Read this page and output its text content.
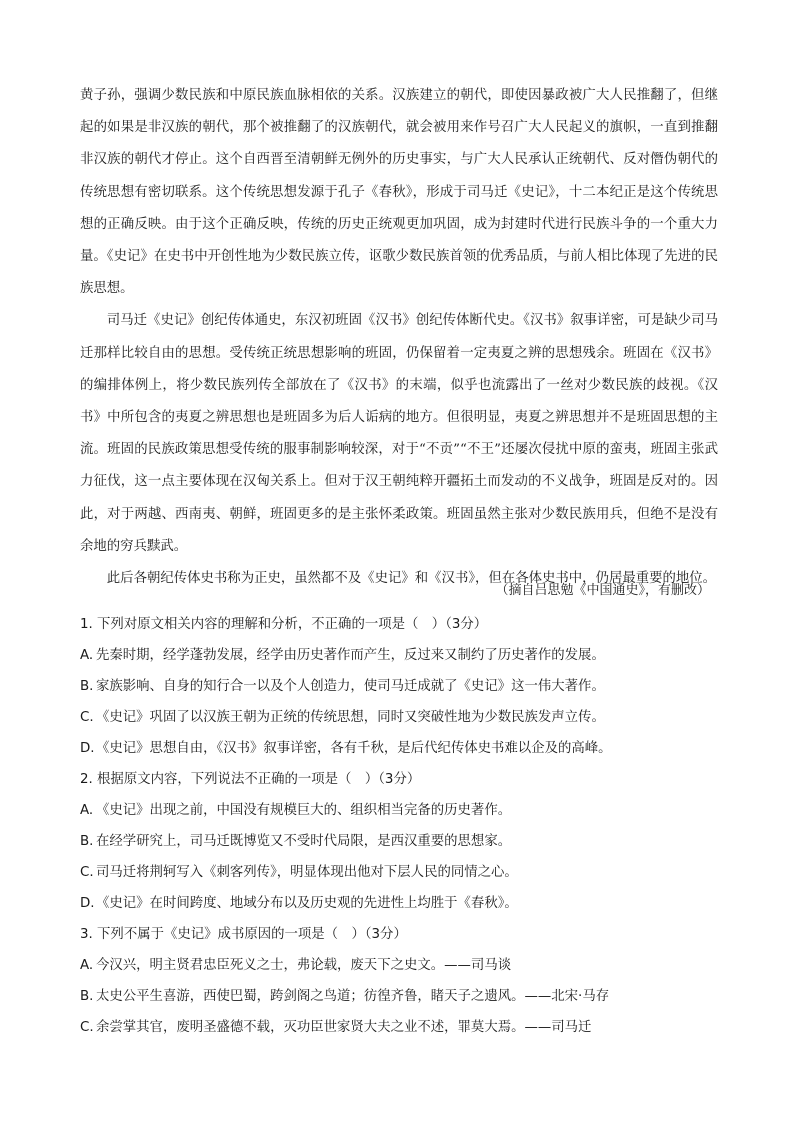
黄子孙，强调少数民族和中原民族血脉相依的关系。汉族建立的朝代，即使因暴政被广大人民推翻了，但继起的如果是非汉族的朝代，那个被推翻了的汉族朝代，就会被用来作号召广大人民起义的旗帜，一直到推翻非汉族的朝代才停止。这个自西晋至清朝鲜无例外的历史事实，与广大人民承认正统朝代、反对僭伪朝代的传统思想有密切联系。这个传统思想发源于孔子《春秋》，形成于司马迁《史记》，十二本纪正是这个传统思想的正确反映。由于这个正确反映，传统的历史正统观更加巩固，成为封建时代进行民族斗争的一个重大力量。《史记》在史书中开创性地为少数民族立传，讴歌少数民族首领的优秀品质，与前人相比体现了先进的民族思想。

司马迁《史记》创纪传体通史，东汉初班固《汉书》创纪传体断代史。《汉书》叙事详密，可是缺少司马迁那样比较自由的思想。受传统正统思想影响的班固，仍保留着一定夷夏之辨的思想残余。班固在《汉书》的编排体例上，将少数民族列传全部放在了《汉书》的末端，似乎也流露出了一丝对少数民族的歧视。《汉书》中所包含的夷夏之辨思想也是班固多为后人诟病的地方。但很明显，夷夏之辨思想并不是班固思想的主流。班固的民族政策思想受传统的服事制影响较深，对于“不贡”“不王”还屡次侵扰中原的蛮夷，班固主张武力征伐，这一点主要体现在汉匈关系上。但对于汉王朝纯粹开疆拓土而发动的不义战争，班固是反对的。因此，对于两越、西南夷、朝鲜，班固更多的是主张怀柔政策。班固虽然主张对少数民族用兵，但绝不是没有余地的穷兵黩武。

此后各朝纪传体史书称为正史，虽然都不及《史记》和《汉书》，但在各体史书中，仍居最重要的地位。

（摘自吕思勉《中国通史》，有删改）
1. 下列对原文相关内容的理解和分析，不正确的一项是（　）（3分）
A. 先秦时期，经学蓬勃发展，经学由历史著作而产生，反过来又制约了历史著作的发展。
B. 家族影响、自身的知行合一以及个人创造力，使司马迁成就了《史记》这一伟大著作。
C. 《史记》巩固了以汉族王朝为正统的传统思想，同时又突破性地为少数民族发声立传。
D.《史记》思想自由，《汉书》叙事详密，各有千秋，是后代纪传体史书难以企及的高峰。
2. 根据原文内容，下列说法不正确的一项是（　）（3分）
A. 《史记》出现之前，中国没有规模巨大的、组织相当完备的历史著作。
B. 在经学研究上，司马迁既博览又不受时代局限，是西汉重要的思想家。
C. 司马迁将荆轲写入《刺客列传》，明显体现出他对下层人民的同情之心。
D.《史记》在时间跨度、地域分布以及历史观的先进性上均胜于《春秋》。
3. 下列不属于《史记》成书原因的一项是（　）（3分）
A. 今汉兴，明主贤君忠臣死义之士，弗论载，废天下之史文。——司马谈
B. 太史公平生喜游，西使巴蜀，跨剑阁之鸟道；彷徨齐鲁，睹天子之遗风。——北宋·马存
C. 余尝掌其官，废明圣盛德不载，灭功臣世家贤大夫之业不述，罪莫大焉。——司马迁
